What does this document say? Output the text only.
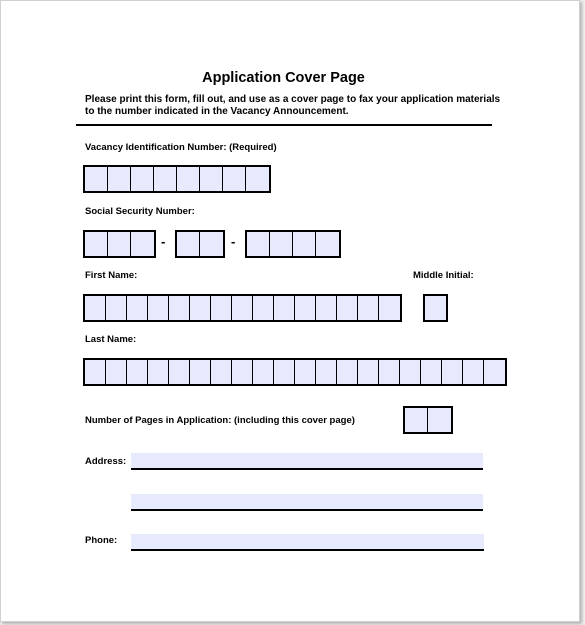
Application Cover Page
Please print this form, fill out, and use as a cover page to fax your application materials to the number indicated in the Vacancy Announcement.
Vacancy Identification Number: (Required)
Social Security Number:
-	-
First Name:	Middle Initial:
Last Name:
Number of Pages in Application: (including this cover page)
Address:
Phone:
